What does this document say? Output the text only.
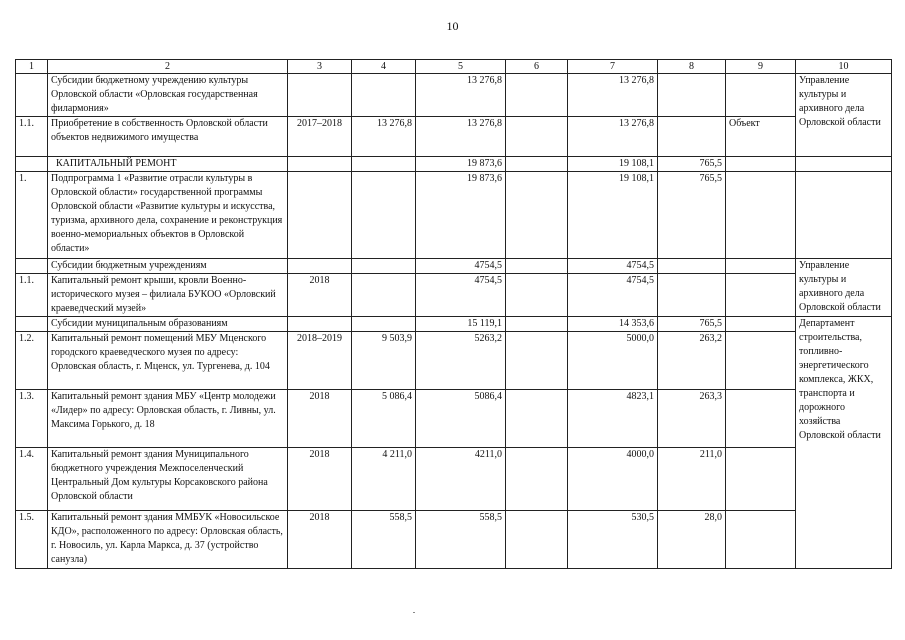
10
1	2	3	4	5	6	7	8	9	10
	Субсидии бюджетному учреждению культуры Орловской области «Орловская государственная филармония»			13 276,8		13 276,8			Управление культуры и архивного дела Орловской области
1.1.	Приобретение в собственность Орловской области объектов недвижимого имущества	2017–2018	13 276,8	13 276,8		13 276,8		Объект	
	КАПИТАЛЬНЫЙ РЕМОНТ			19 873,6		19 108,1	765,5		
1.	Подпрограмма 1 «Развитие отрасли культуры в Орловской области» государственной программы Орловской области «Развитие культуры и искусства, туризма, архивного дела, сохранение и реконструкция военно-мемориальных объектов в Орловской области»			19 873,6		19 108,1	765,5		
	Субсидии бюджетным учреждениям			4754,5		4754,5			Управление культуры и архивного дела Орловской области
1.1.	Капитальный ремонт крыши, кровли Военно-исторического музея – филиала БУКОО «Орловский краеведческий музей»	2018		4754,5		4754,5			
	Субсидии муниципальным образованиям			15 119,1		14 353,6	765,5		Департамент строительства, топливно-энергетического комплекса, ЖКХ, транспорта и дорожного хозяйства Орловской области
1.2.	Капитальный ремонт помещений МБУ Мценского городского краеведческого музея по адресу: Орловская область, г. Мценск, ул. Тургенева, д. 104	2018–2019	9 503,9	5263,2		5000,0	263,2		
1.3.	Капитальный ремонт здания МБУ «Центр молодежи «Лидер» по адресу: Орловская область, г. Ливны, ул. Максима Горького, д. 18	2018	5 086,4	5086,4		4823,1	263,3		
1.4.	Капитальный ремонт здания Муниципального бюджетного учреждения Межпоселенческий Центральный Дом культуры Корсаковского района Орловской области	2018	4 211,0	4211,0		4000,0	211,0		
1.5.	Капитальный ремонт здания ММБУК «Новосильское КДО», расположенного по адресу: Орловская область, г. Новосиль, ул. Карла Маркса, д. 37 (устройство санузла)	2018	558,5	558,5		530,5	28,0		
